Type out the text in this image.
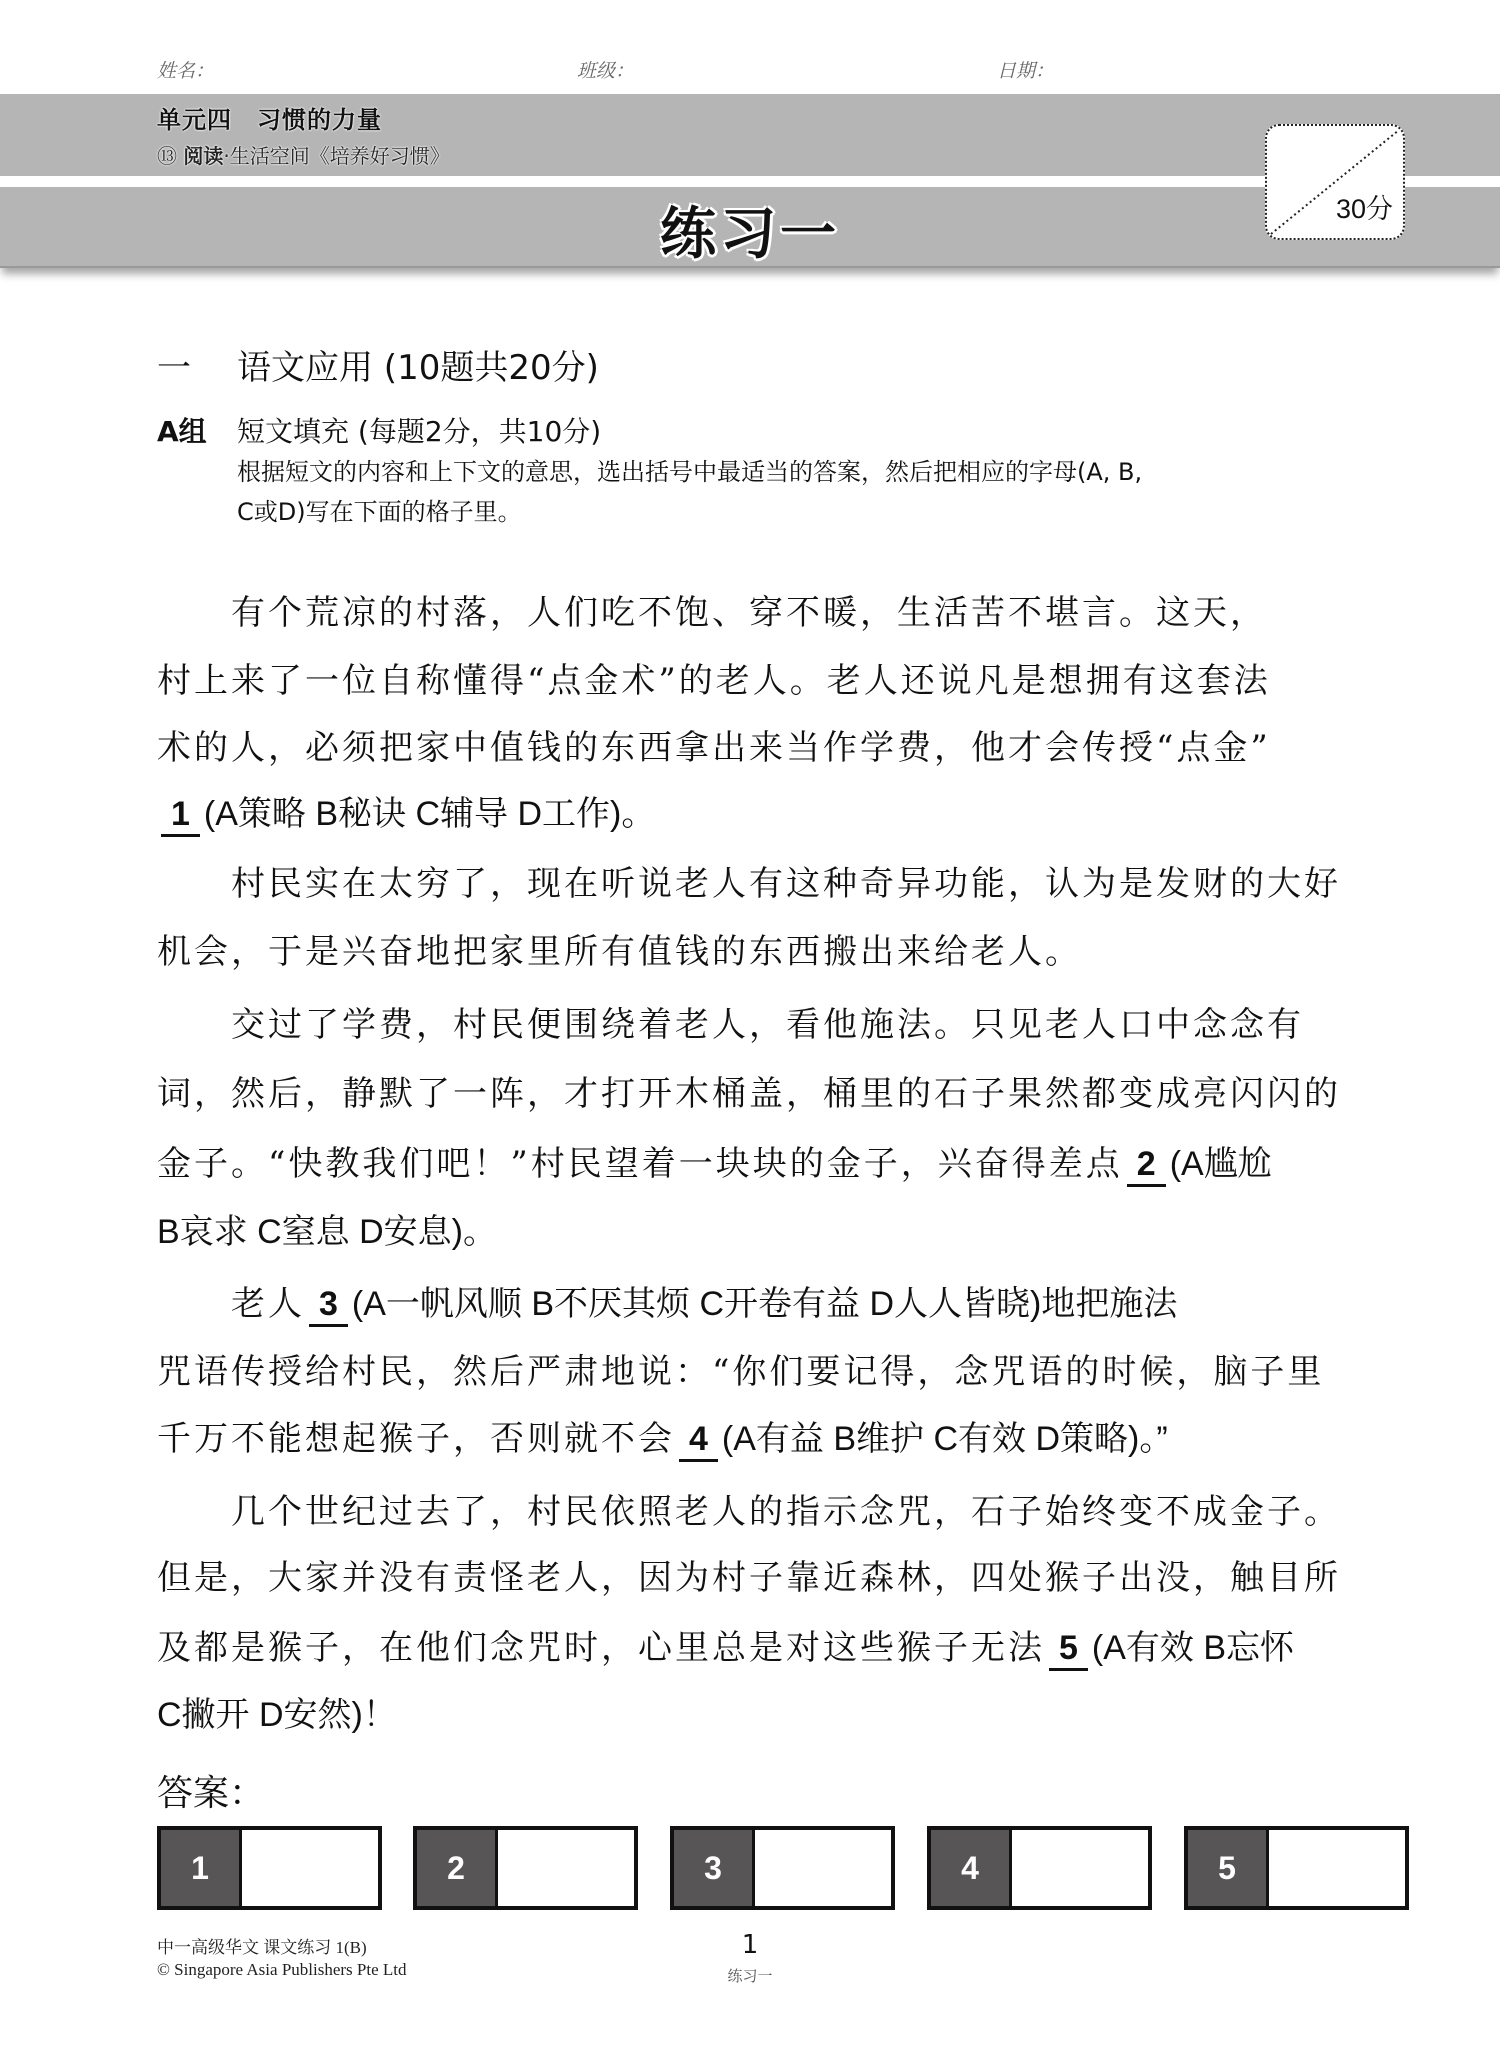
姓名：	班级：	日期：
单元四　习惯的力量
⑬ 阅读·生活空间《培养好习惯》
练习一	30分
一 语文应用 (10题共20分)
A组 短文填充 (每题2分，共10分)
根据短文的内容和上下文的意思，选出括号中最适当的答案，然后把相应的字母(A, B,
C或D)写在下面的格子里。
　　有个荒凉的村落，人们吃不饱、穿不暖，生活苦不堪言。这天，
村上来了一位自称懂得“点金术”的老人。老人还说凡是想拥有这套法
术的人，必须把家中值钱的东西拿出来当作学费，他才会传授“点金”
1 (A策略 B秘诀 C辅导 D工作)。
　　村民实在太穷了，现在听说老人有这种奇异功能，认为是发财的大好
机会，于是兴奋地把家里所有值钱的东西搬出来给老人。
　　交过了学费，村民便围绕着老人，看他施法。只见老人口中念念有
词，然后，静默了一阵，才打开木桶盖，桶里的石子果然都变成亮闪闪的
金子。“快教我们吧！”村民望着一块块的金子，兴奋得差点 2 (A尴尬
B哀求 C窒息 D安息)。
　　老人 3 (A一帆风顺 B不厌其烦 C开卷有益 D人人皆晓)地把施法
咒语传授给村民，然后严肃地说：“你们要记得，念咒语的时候，脑子里
千万不能想起猴子，否则就不会 4 (A有益 B维护 C有效 D策略)。”
　　几个世纪过去了，村民依照老人的指示念咒，石子始终变不成金子。
但是，大家并没有责怪老人，因为村子靠近森林，四处猴子出没，触目所
及都是猴子，在他们念咒时，心里总是对这些猴子无法 5 (A有效 B忘怀
C撇开 D安然)！
答案：
1	2	3	4	5
中一高级华文 课文练习 1(B)
© Singapore Asia Publishers Pte Ltd
1
练习一
